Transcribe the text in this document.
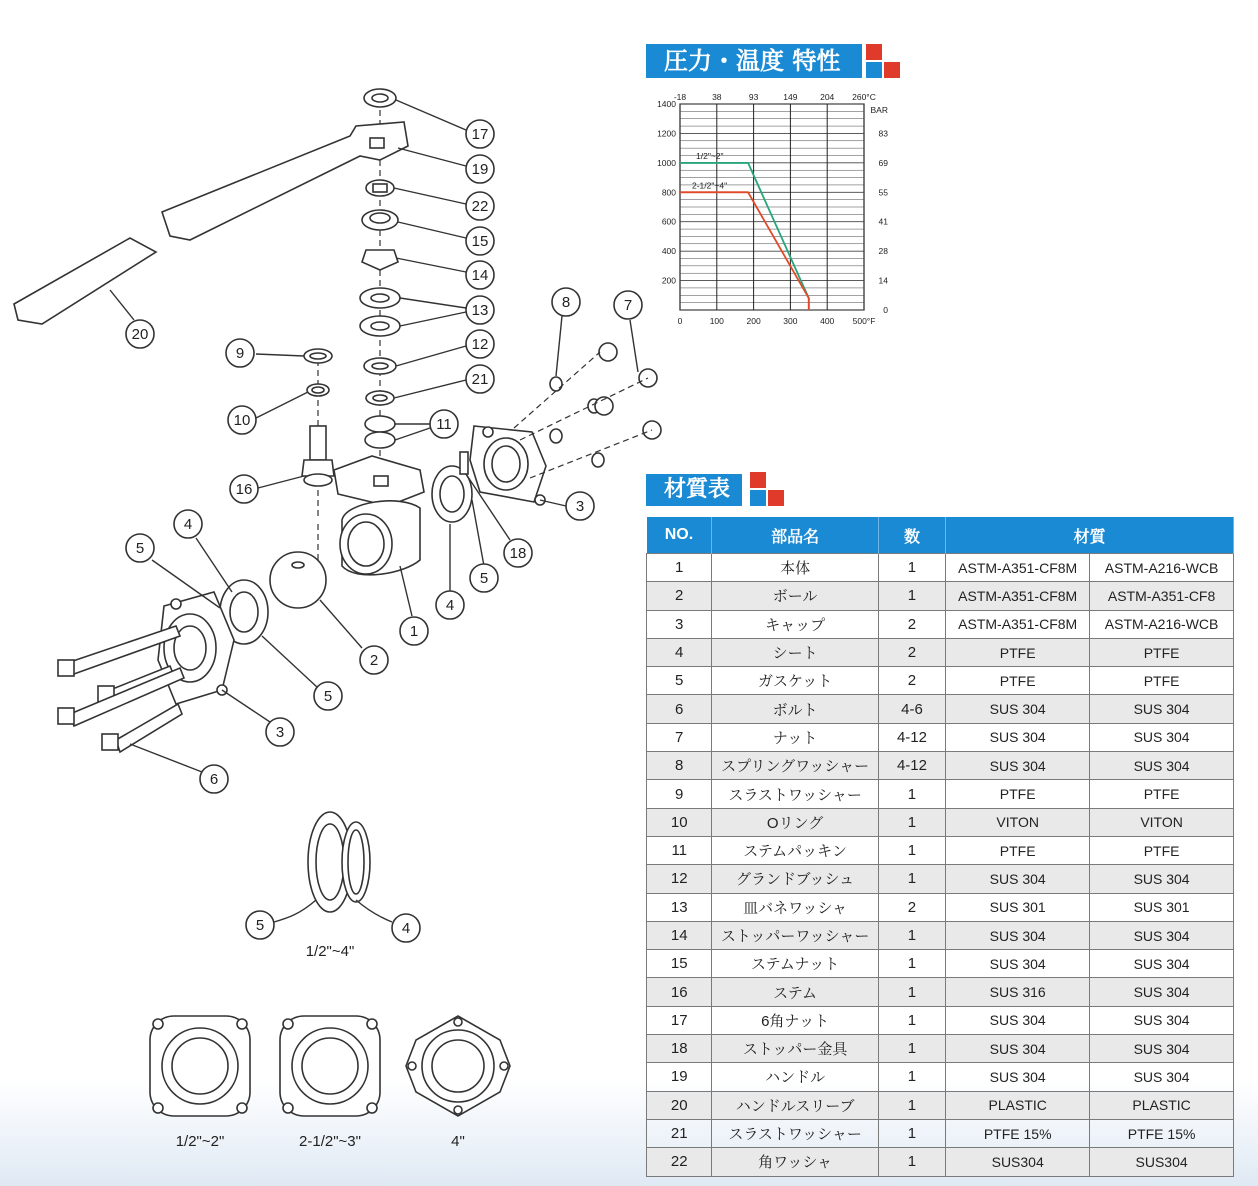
1/2"~4"
1/2"~2"	2-1/2"~3"	4"
17
19
22
15
14
13
12
21
11
20
9
10
16
8	7
3
18
5
4
1
2
5
4
5
3
6
5	4
圧力・温度 特性
0	100	200	300	400 500°F
-18	38	93	149	204 260°C
1400
1200
1000
800
600
400
200
BAR
83
69
55
41
28
14
0
1/2"~2"
2-1/2"~4"
材質表
NO.	部品名	数	材質	
1	本体	1	ASTM-A351-CF8M	ASTM-A216-WCB
2	ボール	1	ASTM-A351-CF8M	ASTM-A351-CF8
3	キャップ	2	ASTM-A351-CF8M	ASTM-A216-WCB
4	シート	2	PTFE	PTFE
5	ガスケット	2	PTFE	PTFE
6	ボルト	4-6	SUS 304	SUS 304
7	ナット	4-12	SUS 304	SUS 304
8	スプリングワッシャー	4-12	SUS 304	SUS 304
9	スラストワッシャー	1	PTFE	PTFE
10	Oリング	1	VITON	VITON
11	ステムパッキン	1	PTFE	PTFE
12	グランドブッシュ	1	SUS 304	SUS 304
13	皿バネワッシャ	2	SUS 301	SUS 301
14	ストッパーワッシャー	1	SUS 304	SUS 304
15	ステムナット	1	SUS 304	SUS 304
16	ステム	1	SUS 316	SUS 304
17	6角ナット	1	SUS 304	SUS 304
18	ストッパー金具	1	SUS 304	SUS 304
19	ハンドル	1	SUS 304	SUS 304
20	ハンドルスリーブ	1	PLASTIC	PLASTIC
21	スラストワッシャー	1	PTFE 15%	PTFE 15%
22	角ワッシャ	1	SUS304	SUS304
